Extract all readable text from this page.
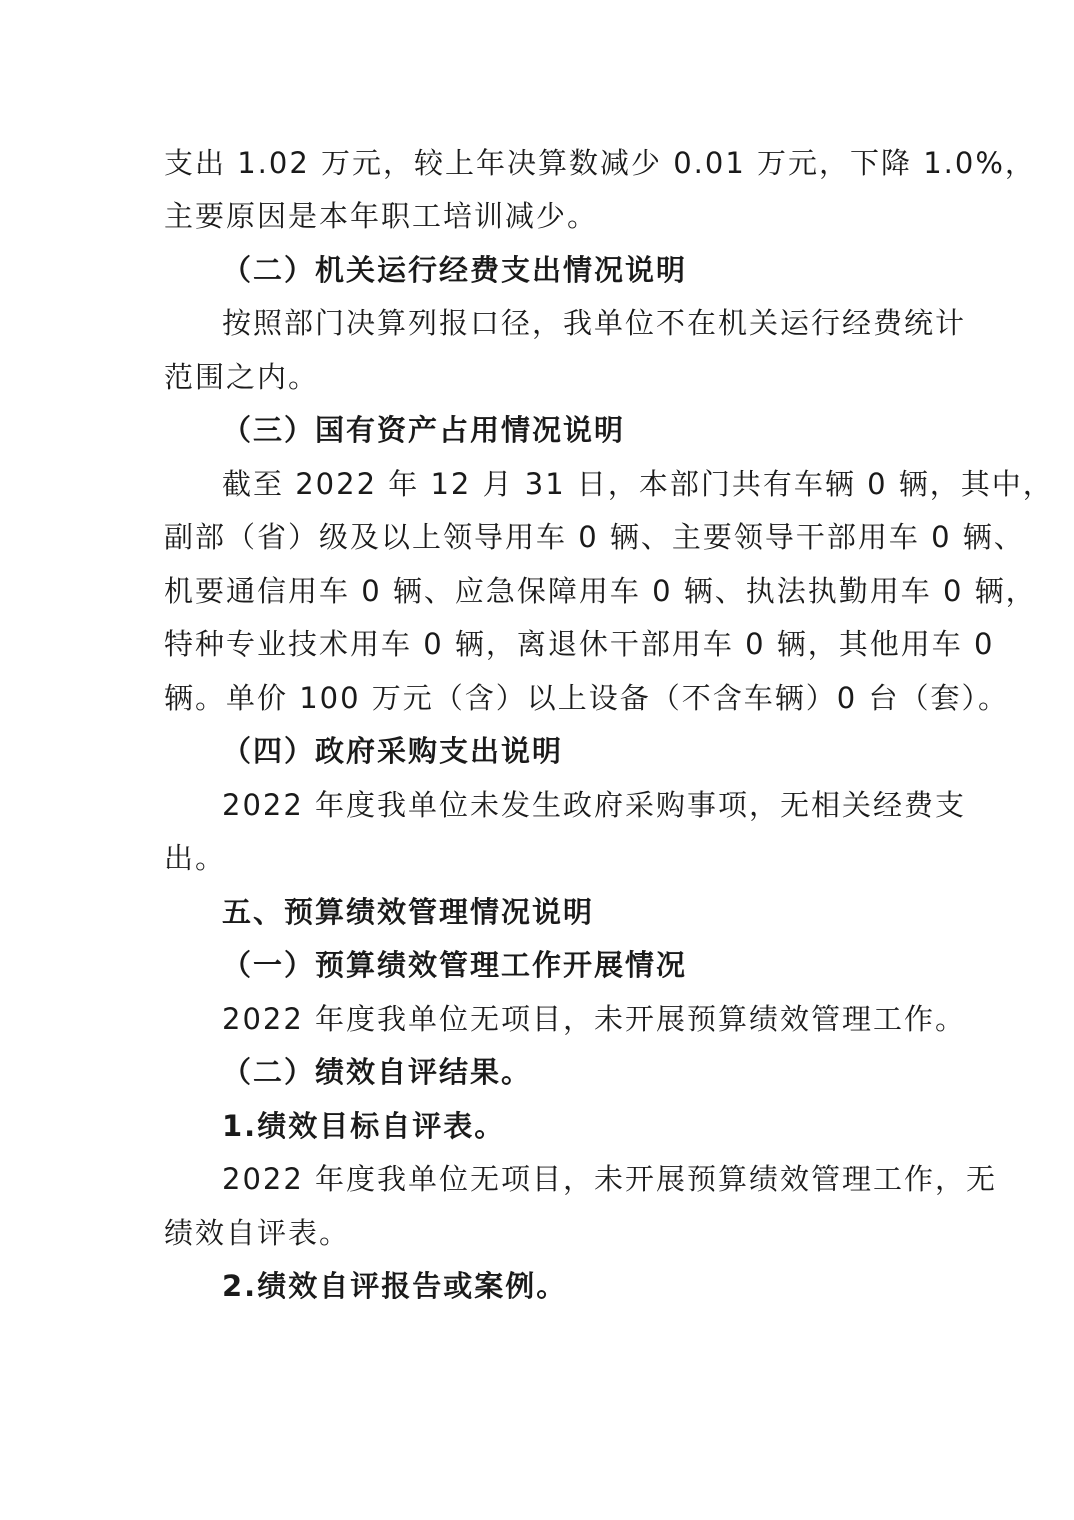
支出 1.02 万元，较上年决算数减少 0.01 万元，下降 1.0%，
主要原因是本年职工培训减少。
（二）机关运行经费支出情况说明
按照部门决算列报口径，我单位不在机关运行经费统计
范围之内。
（三）国有资产占用情况说明
截至 2022 年 12 月 31 日，本部门共有车辆 0 辆，其中，
副部（省）级及以上领导用车 0 辆、主要领导干部用车 0 辆、
机要通信用车 0 辆、应急保障用车 0 辆、执法执勤用车 0 辆，
特种专业技术用车 0 辆，离退休干部用车 0 辆，其他用车 0
辆。单价 100 万元（含）以上设备（不含车辆）0 台（套）。
（四）政府采购支出说明
2022 年度我单位未发生政府采购事项，无相关经费支
出。
五、预算绩效管理情况说明
（一）预算绩效管理工作开展情况
2022 年度我单位无项目，未开展预算绩效管理工作。
（二）绩效自评结果。
1.绩效目标自评表。
2022 年度我单位无项目，未开展预算绩效管理工作，无
绩效自评表。
2.绩效自评报告或案例。
